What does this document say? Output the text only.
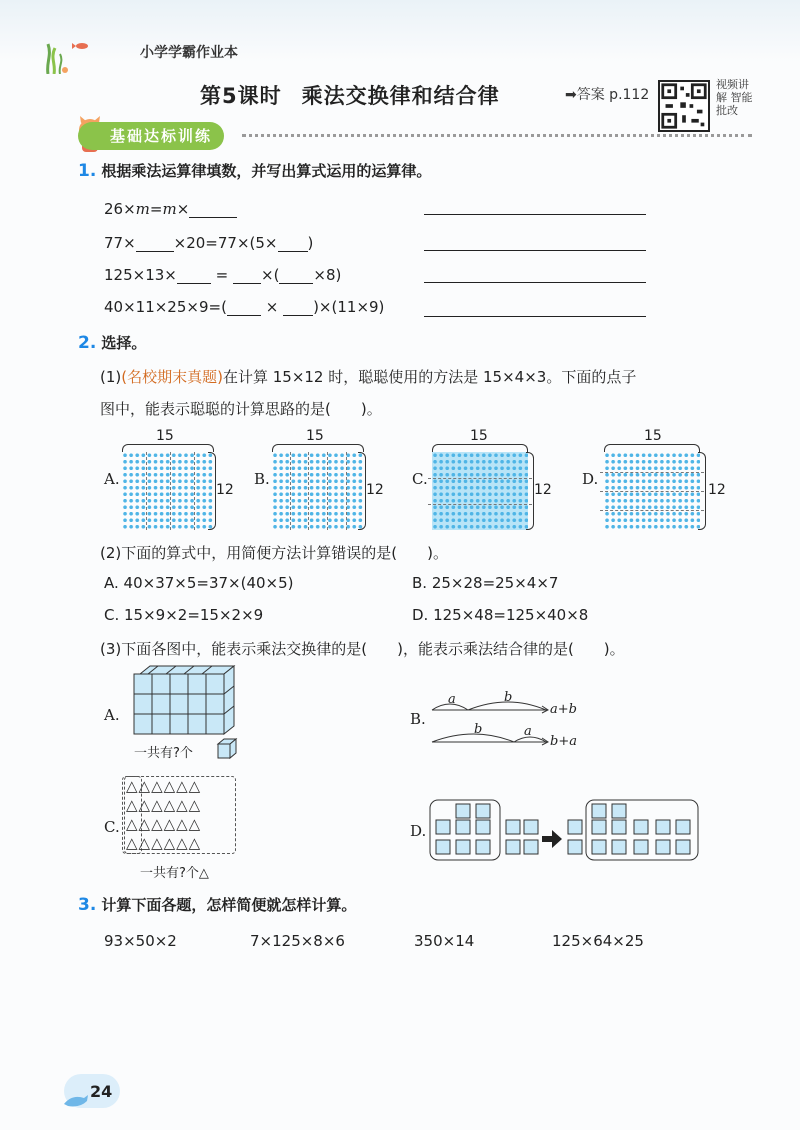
小学学霸作业本
第5课时 乘法交换律和结合律	➡答案 p.112
视频讲解 智能批改
基础达标训练
1. 根据乘法运算律填数，并写出算式运用的运算律。
26×m=m×
77×	×20=77×(5× )
125×13×	= ×( ×8)
40×11×25×9=(	× )×(11×9)
2. 选择。
(1)(名校期末真题)在计算 15×12 时，聪聪使用的方法是 15×4×3。下面的点子
图中，能表示聪聪的计算思路的是(　　)。
A.
15
12
B.
15
12
C.
15
12
D.
15
12
(2)下面的算式中，用简便方法计算错误的是(　　)。
A. 40×37×5=37×(40×5)	B. 25×28=25×4×7
C. 15×9×2=15×2×9	D. 125×48=125×40×8
(3)下面各图中，能表示乘法交换律的是(　　)，能表示乘法结合律的是(　　)。
A.
一共有?个
B.
a	b
a+b
b	a
b+a
C.
△△△△△△
△△△△△△
△△△△△△
△△△△△△
一共有?个△
D.
3. 计算下面各题，怎样简便就怎样计算。
93×50×2	7×125×8×6	350×14	125×64×25
24
